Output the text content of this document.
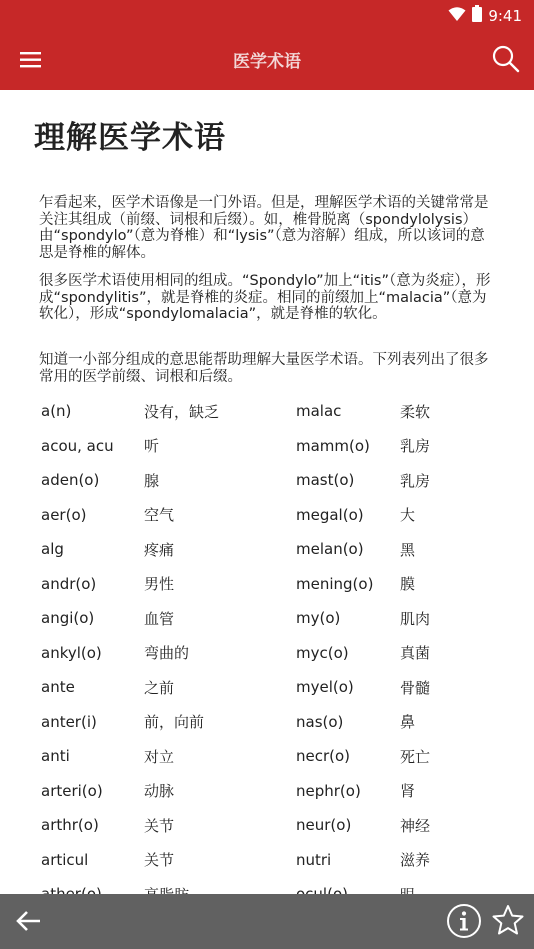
9:41
医学术语
理解医学术语
乍看起来，医学术语像是一门外语。但是，理解医学术语的关键常常是关注其组成（前缀、词根和后缀）。如，椎骨脱离（spondylolysis）由“spondylo”（意为脊椎）和“lysis”（意为溶解）组成，所以该词的意思是脊椎的解体。
很多医学术语使用相同的组成。“Spondylo”加上“itis”（意为炎症），形成“spondylitis”，就是脊椎的炎症。相同的前缀加上“malacia”（意为软化），形成“spondylomalacia”，就是脊椎的软化。
知道一小部分组成的意思能帮助理解大量医学术语。下列表列出了很多常用的医学前缀、词根和后缀。
a(n)	没有，缺乏	malac	柔软
acou, acu	听	mamm(o)	乳房
aden(o)	腺	mast(o)	乳房
aer(o)	空气	megal(o)	大
alg	疼痛	melan(o)	黑
andr(o)	男性	mening(o)	膜
angi(o)	血管	my(o)	肌肉
ankyl(o)	弯曲的	myc(o)	真菌
ante	之前	myel(o)	骨髓
anter(i)	前，向前	nas(o)	鼻
anti	对立	necr(o)	死亡
arteri(o)	动脉	nephr(o)	肾
arthr(o)	关节	neur(o)	神经
articul	关节	nutri	滋养
